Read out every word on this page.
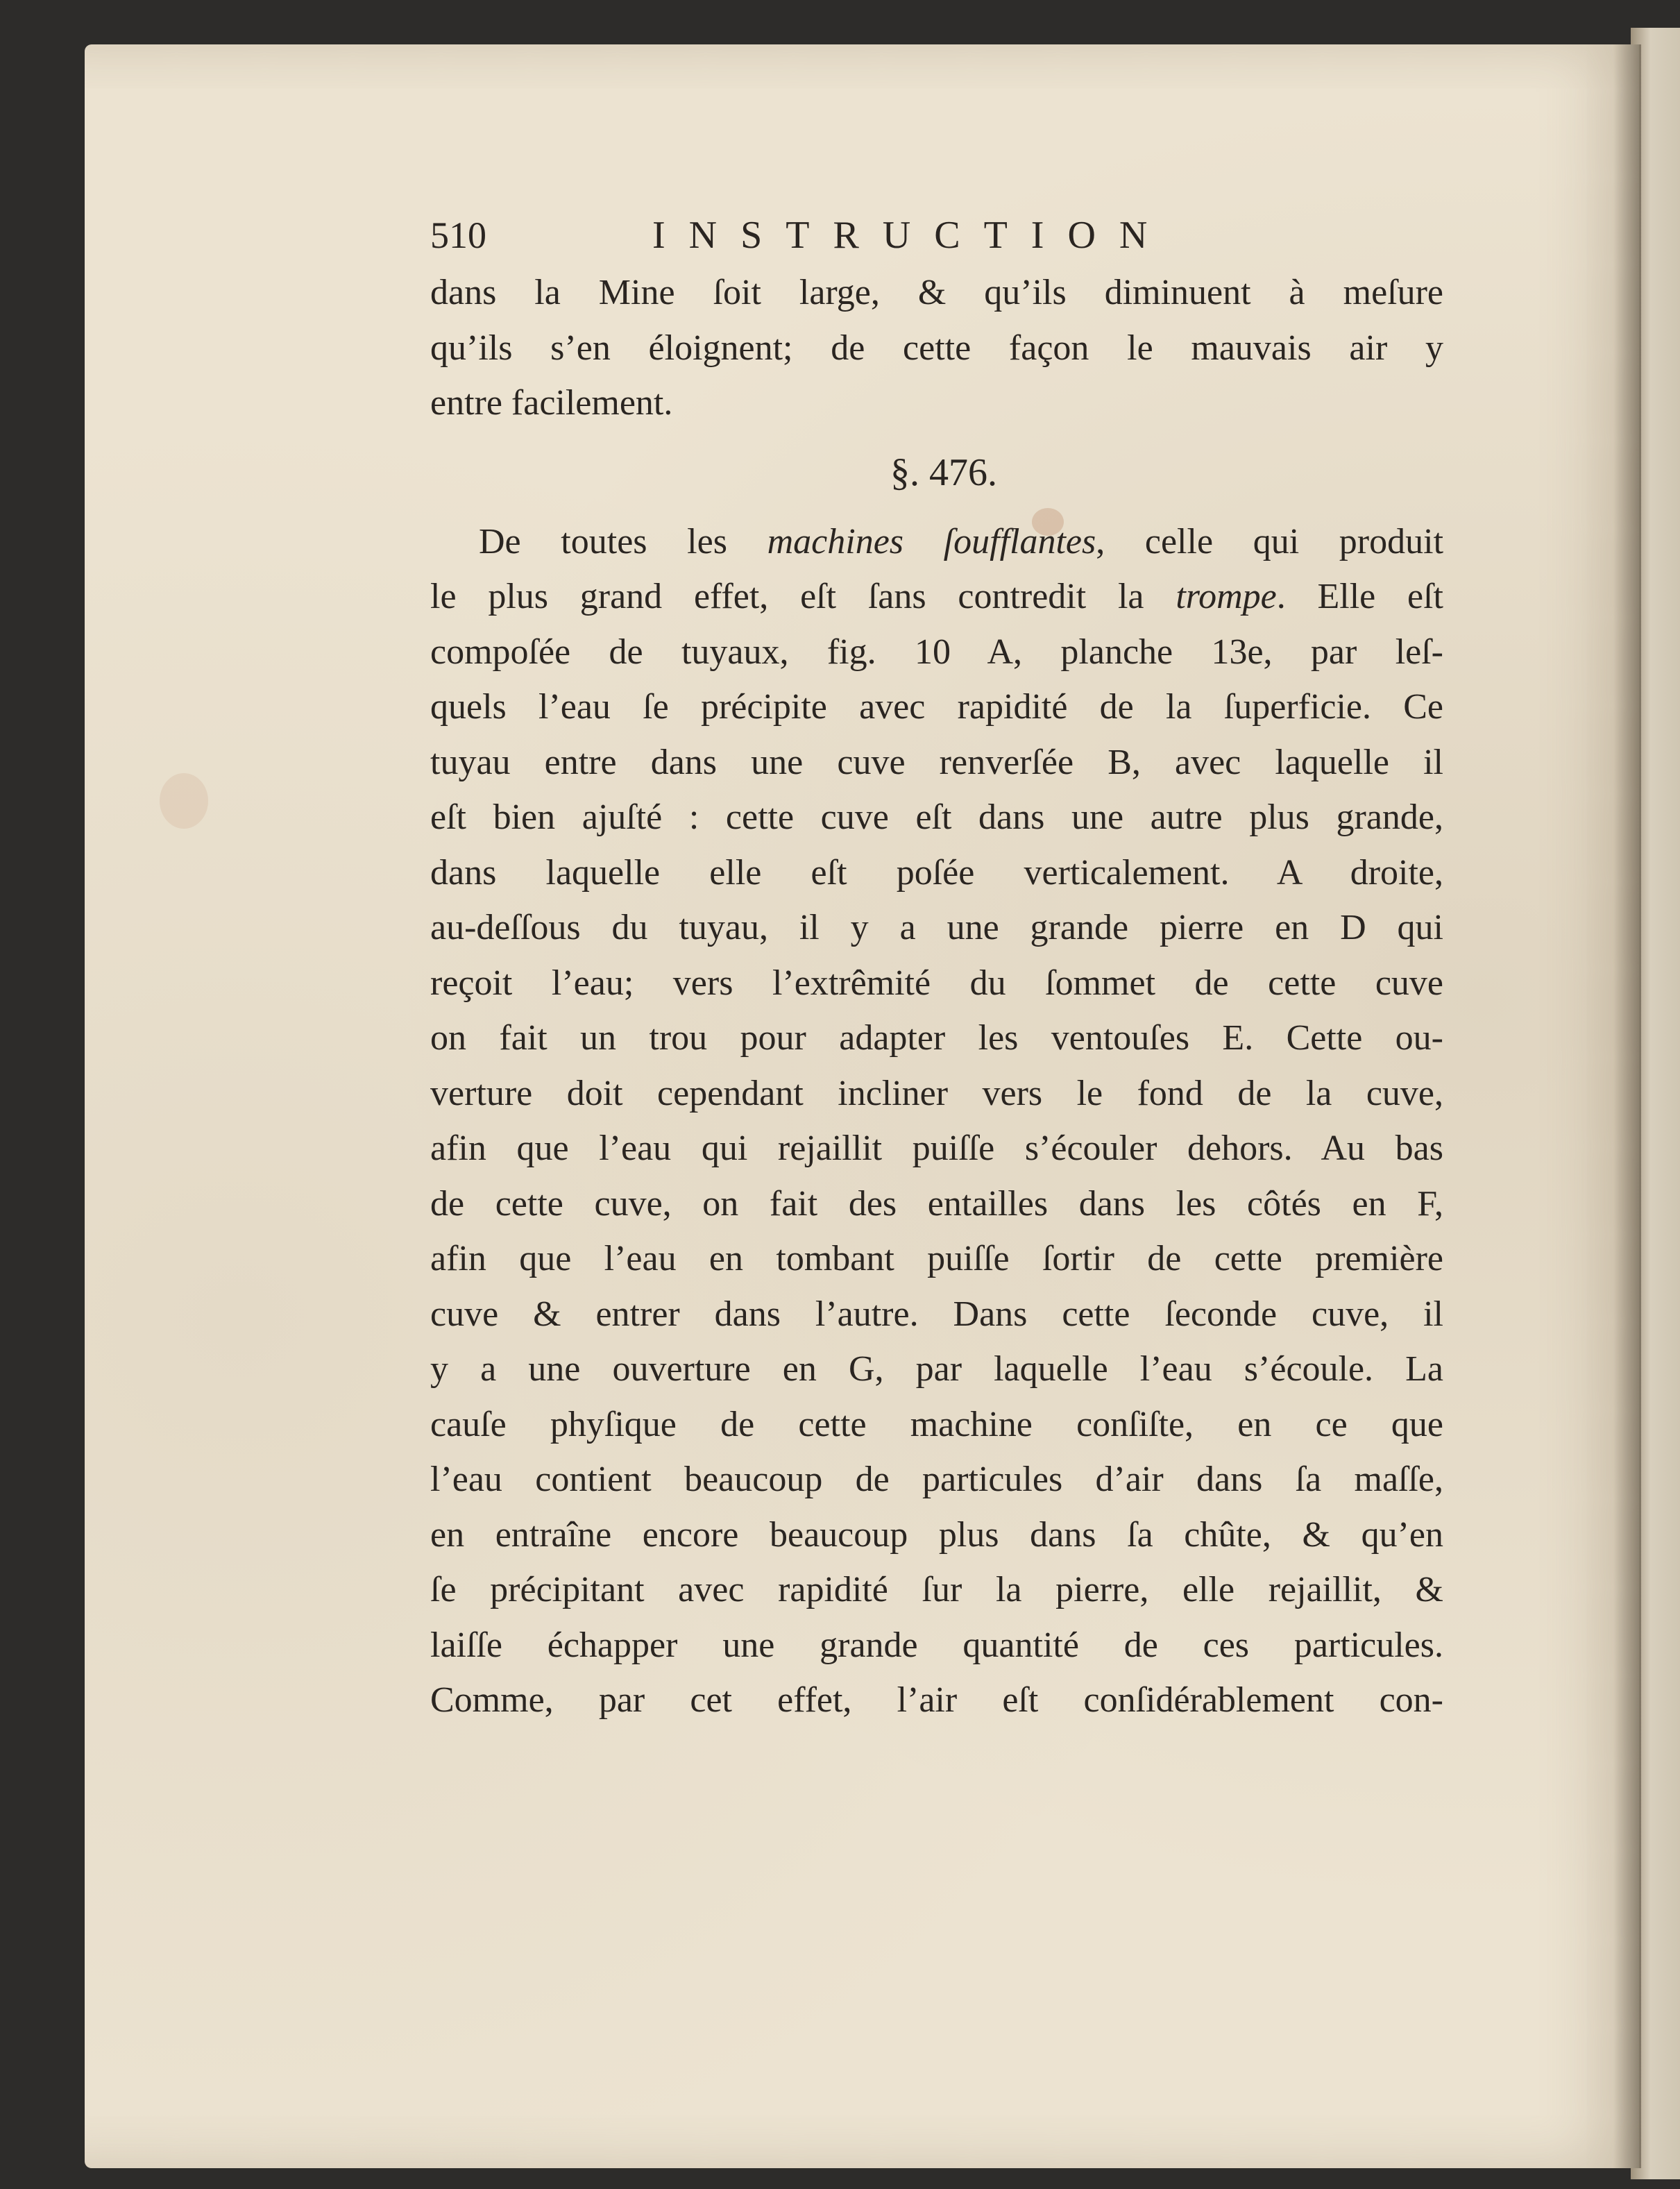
510	INSTRUCTION
dans la Mine ſoit large, & qu’ils diminuent à meſure
qu’ils s’en éloignent; de cette façon le mauvais air y
entre facilement.
§. 476.
De toutes les machines ſoufflantes, celle qui produit
le plus grand effet, eſt ſans contredit la trompe. Elle eſt
compoſée de tuyaux, fig. 10 A, planche 13e, par leſ-
quels l’eau ſe précipite avec rapidité de la ſuperficie. Ce
tuyau entre dans une cuve renverſée B, avec laquelle il
eſt bien ajuſté : cette cuve eſt dans une autre plus grande,
dans laquelle elle eſt poſée verticalement. A droite,
au-deſſous du tuyau, il y a une grande pierre en D qui
reçoit l’eau; vers l’extrêmité du ſommet de cette cuve
on fait un trou pour adapter les ventouſes E. Cette ou-
verture doit cependant incliner vers le fond de la cuve,
afin que l’eau qui rejaillit puiſſe s’écouler dehors. Au bas
de cette cuve, on fait des entailles dans les côtés en F,
afin que l’eau en tombant puiſſe ſortir de cette première
cuve & entrer dans l’autre. Dans cette ſeconde cuve, il
y a une ouverture en G, par laquelle l’eau s’écoule. La
cauſe phyſique de cette machine conſiſte, en ce que
l’eau contient beaucoup de particules d’air dans ſa maſſe,
en entraîne encore beaucoup plus dans ſa chûte, & qu’en
ſe précipitant avec rapidité ſur la pierre, elle rejaillit, &
laiſſe échapper une grande quantité de ces particules.
Comme, par cet effet, l’air eſt conſidérablement con-
